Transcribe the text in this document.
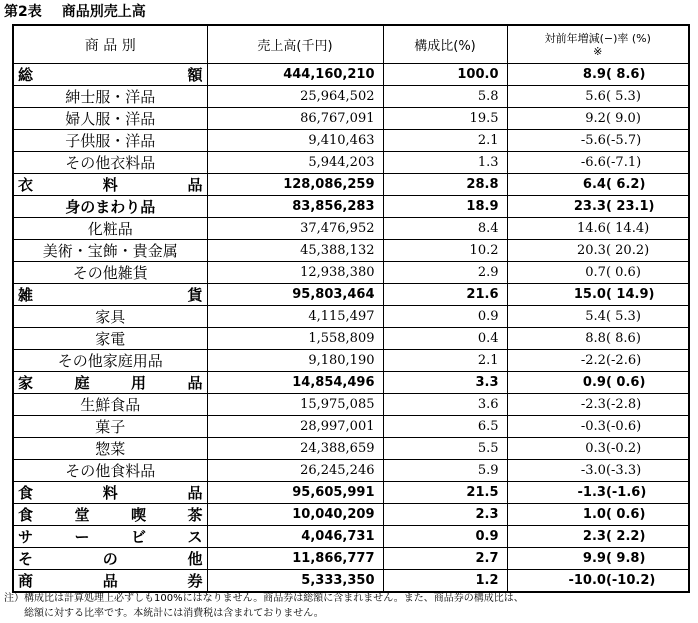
第2表 商品別売上高
商 品 別	売上高(千円)	構成比(%)	対前年増減(−)率 (%)
※

総額	444,160,210	100.0	8.9 ( 8.6)

紳士服・洋品	25,964,502	5.8	5.6 ( 5.3)

婦人服・洋品	86,767,091	19.5	9.2 ( 9.0)

子供服・洋品	9,410,463	2.1	-5.6 (-5.7)

その他衣料品	5,944,203	1.3	-6.6 (-7.1)

衣料品	128,086,259	28.8	6.4 ( 6.2)

身のまわり品	83,856,283	18.9	23.3 ( 23.1)

化粧品	37,476,952	8.4	14.6 ( 14.4)

美術・宝飾・貴金属	45,388,132	10.2	20.3 ( 20.2)

その他雑貨	12,938,380	2.9	0.7 ( 0.6)

雑貨	95,803,464	21.6	15.0 ( 14.9)

家具	4,115,497	0.9	5.4 ( 5.3)

家電	1,558,809	0.4	8.8 ( 8.6)

その他家庭用品	9,180,190	2.1	-2.2 (-2.6)

家庭用品	14,854,496	3.3	0.9 ( 0.6)

生鮮食品	15,975,085	3.6	-2.3 (-2.8)

菓子	28,997,001	6.5	-0.3 (-0.6)

惣菜	24,388,659	5.5	0.3 (-0.2)

その他食料品	26,245,246	5.9	-3.0 (-3.3)

食料品	95,605,991	21.5	-1.3 (-1.6)

食堂喫茶	10,040,209	2.3	1.0 ( 0.6)

サービス	4,046,731	0.9	2.3 ( 2.2)

その他	11,866,777	2.7	9.9 ( 9.8)

商品券	5,333,350	1.2	-10.0 (-10.2)
注）構成比は計算処理上必ずしも100%にはなりません。商品券は総額に含まれません。また、商品券の構成比は、
総額に対する比率です。本統計には消費税は含まれておりません。
